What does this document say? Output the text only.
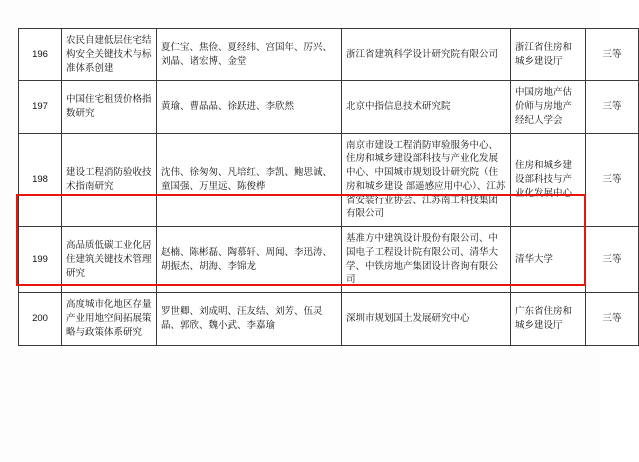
196	农民自建低层住宅结构安全关键技术与标准体系创建	夏仁宝、焦俭、夏经纬、宫国年、厉兴、刘晶、诸宏博、金堂	浙江省建筑科学设计研究院有限公司	浙江省住房和城乡建设厅	三等

197	中国住宅租赁价格指数研究	黄瑜、曹晶晶、徐跃进、李欣然	北京中指信息技术研究院	中国房地产估价师与房地产经纪人学会	三等

198	建设工程消防验收技术指南研究	沈伟、徐匆匆、凡培红、李凯、鲍思诚、童国强、万里远、陈俊桦	南京市建设工程消防审验服务中心、住房和城乡建设部科技与产业化发展中心、中国城市规划设计研究院（住房和城乡建设 部遥感应用中心）、江苏省安装行业协会、江苏南工科技集团有限公司	住房和城乡建设部科技与产业化发展中心	三等

199	高品质低碳工业化居住建筑关键技术管理研究	赵楠、陈彬磊、陶慕轩、周闻、李迅涛、胡振杰、胡海、李锦龙	基准方中建筑设计股份有限公司、中国电子工程设计院有限公司、清华大学、中铁房地产集团设计咨询有限公司	清华大学	三等

200	高度城市化地区存量产业用地空间拓展策略与政策体系研究	罗世卿、刘成明、汪友结、刘芳、伍灵晶、郭欣、魏小武、李嘉瑜	深圳市规划国土发展研究中心	广东省住房和城乡建设厅	三等
